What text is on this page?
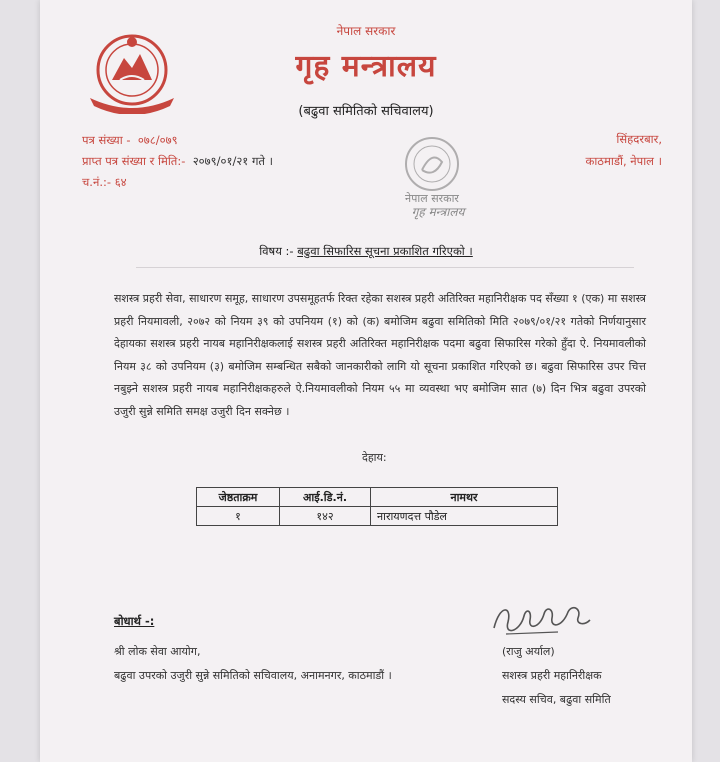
नेपाल सरकार
गृह मन्त्रालय
(बढुवा समितिको सचिवालय)
पत्र संख्या - ०७८/०७९
प्राप्त पत्र संख्या र मिति:- २०७९/०१/२१ गते ।
च.नं.:- ६४
सिंहदरबार,
काठमाडौं, नेपाल ।
नेपाल सरकार
गृह मन्त्रालय
विषय :- बढुवा सिफारिस सूचना प्रकाशित गरिएको ।
सशस्त्र प्रहरी सेवा, साधारण समूह, साधारण उपसमूहतर्फ रिक्त रहेका सशस्त्र प्रहरी अतिरिक्त महानिरीक्षक पद सँख्या १ (एक) मा सशस्त्र प्रहरी नियमावली, २०७२ को नियम ३९ को उपनियम (१) को (क) बमोजिम बढुवा समितिको मिति २०७९/०१/२१ गतेको निर्णयानुसार देहायका सशस्त्र प्रहरी नायब महानिरीक्षकलाई सशस्त्र प्रहरी अतिरिक्त महानिरीक्षक पदमा बढुवा सिफारिस गरेको हुँदा ऐ. नियमावलीको नियम ३८ को उपनियम (३) बमोजिम सम्बन्धित सबैको जानकारीको लागि यो सूचना प्रकाशित गरिएको छ। बढुवा सिफारिस उपर चित्त नबुझ्ने सशस्त्र प्रहरी नायब महानिरीक्षकहरुले ऐ.नियमावलीको नियम ५५ मा व्यवस्था भए बमोजिम सात (७) दिन भित्र बढुवा उपरको उजुरी सुन्ने समिति समक्ष उजुरी दिन सक्नेछ ।
देहाय:
जेष्ठताक्रम	आई.डि.नं.	नामथर
१	१४२	नारायणदत्त पौडेल
बोधार्थ -:
श्री लोक सेवा आयोग,
बढुवा उपरको उजुरी सुन्ने समितिको सचिवालय, अनामनगर, काठमाडौं ।
(राजु अर्याल)
सशस्त्र प्रहरी महानिरीक्षक
सदस्य सचिव, बढुवा समिति
